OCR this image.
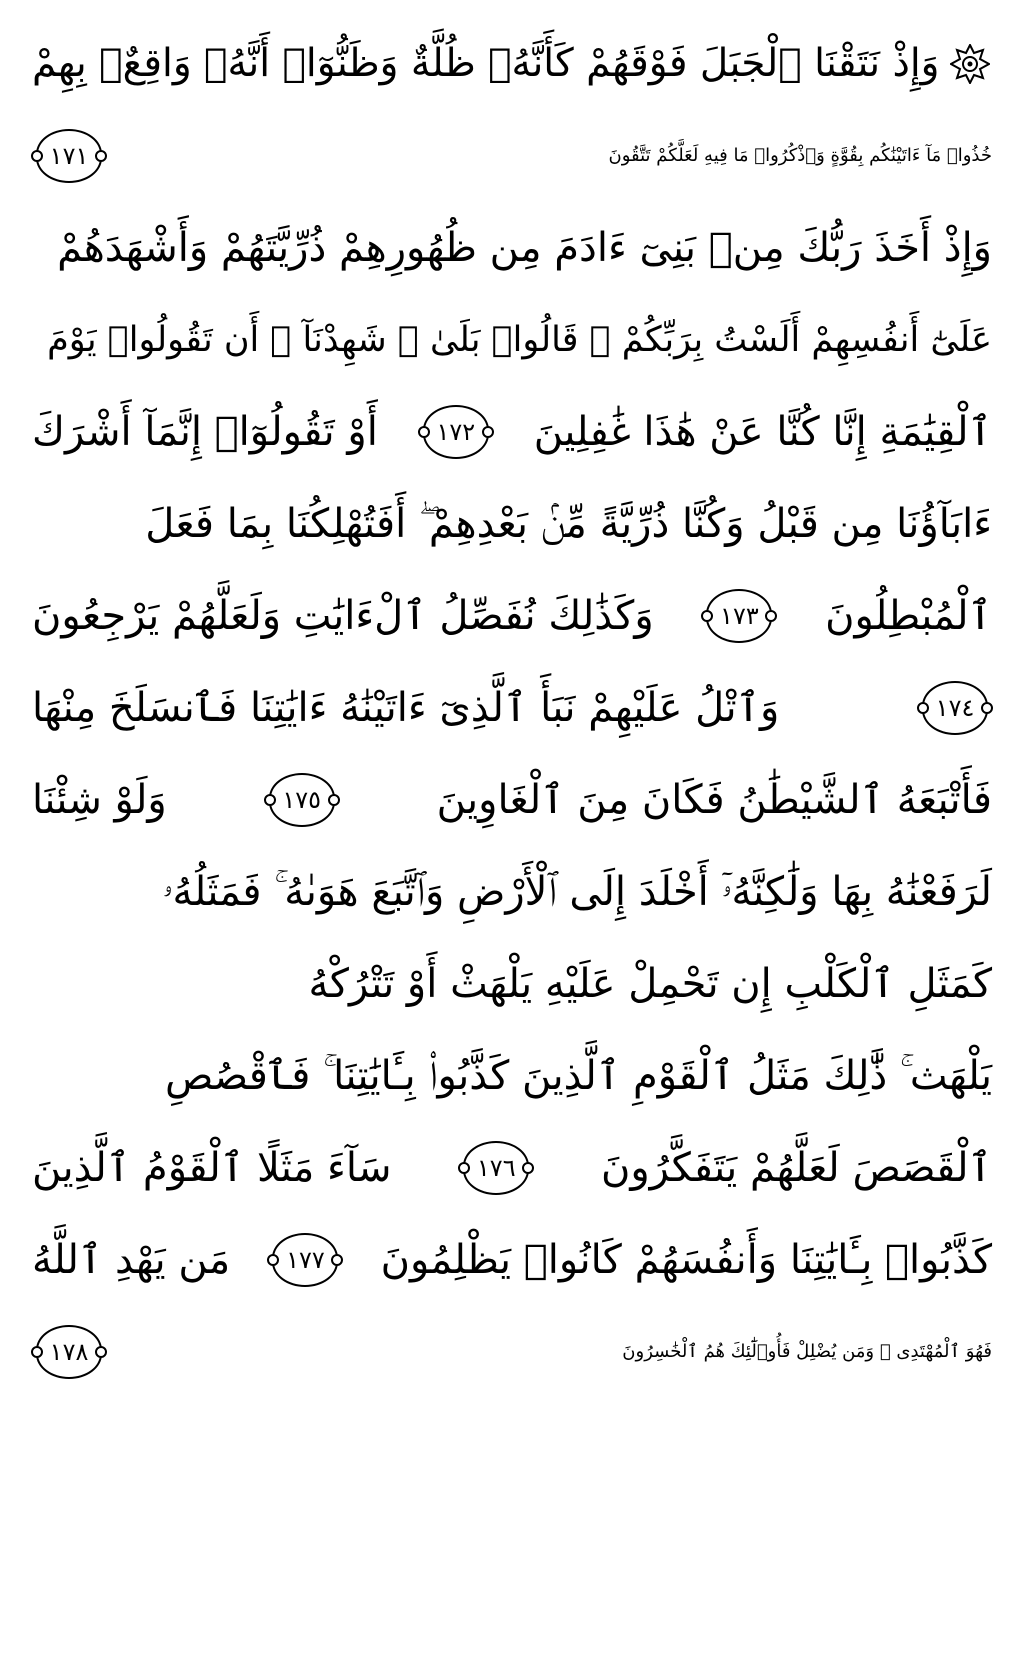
وَإِذْ نَتَقْنَا ٱلْجَبَلَ فَوْقَهُمْ كَأَنَّهُۥ ظُلَّةٌ وَظَنُّوٓا۟ أَنَّهُۥ وَاقِعٌۢ بِهِمْ
خُذُوا۟ مَآ ءَاتَيْنَٰكُم بِقُوَّةٍ وَٱذْكُرُوا۟ مَا فِيهِ لَعَلَّكُمْ تَتَّقُونَ
١٧١
وَإِذْ أَخَذَ رَبُّكَ مِنۢ بَنِىٓ ءَادَمَ مِن ظُهُورِهِمْ ذُرِّيَّتَهُمْ وَأَشْهَدَهُمْ
عَلَىٰٓ أَنفُسِهِمْ أَلَسْتُ بِرَبِّكُمْ ۖ قَالُوا۟ بَلَىٰ ۛ شَهِدْنَآ ۛ أَن تَقُولُوا۟ يَوْمَ
ٱلْقِيَٰمَةِ إِنَّا كُنَّا عَنْ هَٰذَا غَٰفِلِينَ
١٧٢
أَوْ تَقُولُوٓا۟ إِنَّمَآ أَشْرَكَ
ءَابَآؤُنَا مِن قَبْلُ وَكُنَّا ذُرِّيَّةً مِّنۢ بَعْدِهِمْ ۖ أَفَتُهْلِكُنَا بِمَا فَعَلَ
ٱلْمُبْطِلُونَ
١٧٣
وَكَذَٰلِكَ نُفَصِّلُ ٱلْءَايَٰتِ وَلَعَلَّهُمْ يَرْجِعُونَ
١٧٤
وَٱتْلُ عَلَيْهِمْ نَبَأَ ٱلَّذِىٓ ءَاتَيْنَٰهُ ءَايَٰتِنَا فَٱنسَلَخَ مِنْهَا
فَأَتْبَعَهُ ٱلشَّيْطَٰنُ فَكَانَ مِنَ ٱلْغَاوِينَ
١٧٥
وَلَوْ شِئْنَا
لَرَفَعْنَٰهُ بِهَا وَلَٰكِنَّهُۥٓ أَخْلَدَ إِلَى ٱلْأَرْضِ وَٱتَّبَعَ هَوَىٰهُ ۚ فَمَثَلُهُۥ
كَمَثَلِ ٱلْكَلْبِ إِن تَحْمِلْ عَلَيْهِ يَلْهَثْ أَوْ تَتْرُكْهُ
يَلْهَث ۚ ذَّٰلِكَ مَثَلُ ٱلْقَوْمِ ٱلَّذِينَ كَذَّبُوا۟ بِـَٔايَٰتِنَا ۚ فَٱقْصُصِ
ٱلْقَصَصَ لَعَلَّهُمْ يَتَفَكَّرُونَ
١٧٦
سَآءَ مَثَلًا ٱلْقَوْمُ ٱلَّذِينَ
كَذَّبُوا۟ بِـَٔايَٰتِنَا وَأَنفُسَهُمْ كَانُوا۟ يَظْلِمُونَ
١٧٧
مَن يَهْدِ ٱللَّهُ
فَهُوَ ٱلْمُهْتَدِى ۖ وَمَن يُضْلِلْ فَأُو۟لَٰٓئِكَ هُمُ ٱلْخَٰسِرُونَ
١٧٨
